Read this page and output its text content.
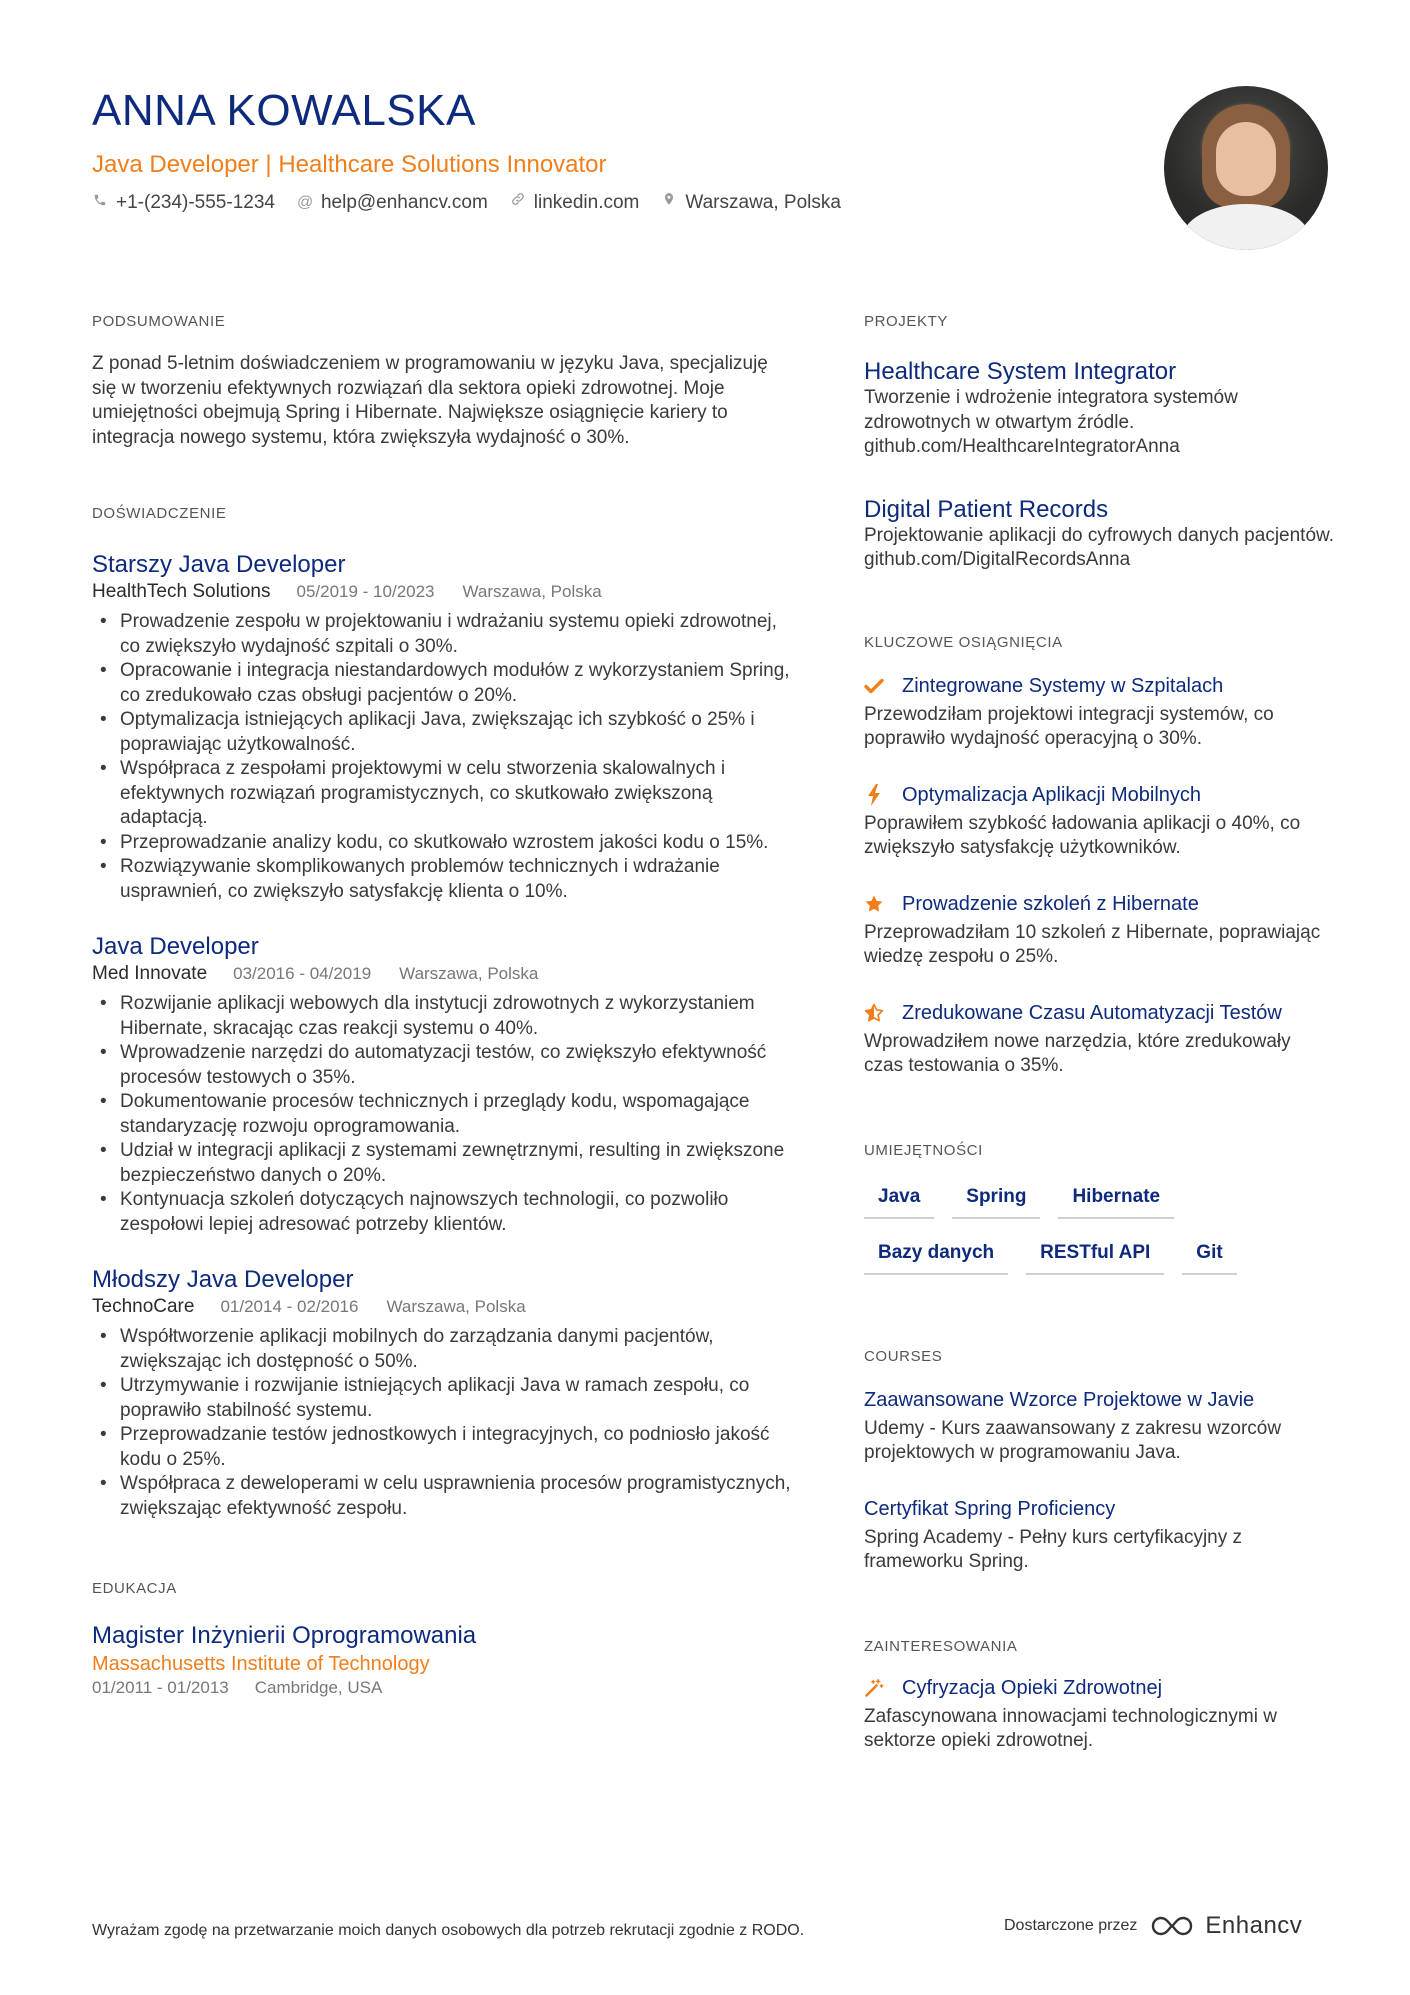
ANNA KOWALSKA
Java Developer | Healthcare Solutions Innovator
+1-(234)-555-1234 @ help@enhancv.com linkedin.com Warszawa, Polska
PODSUMOWANIE
Z ponad 5-letnim doświadczeniem w programowaniu w języku Java, specjalizuję się w tworzeniu efektywnych rozwiązań dla sektora opieki zdrowotnej. Moje umiejętności obejmują Spring i Hibernate. Największe osiągnięcie kariery to integracja nowego systemu, która zwiększyła wydajność o 30%.
DOŚWIADCZENIE
Starszy Java Developer
HealthTech Solutions 05/2019 - 10/2023 Warszawa, Polska
• Prowadzenie zespołu w projektowaniu i wdrażaniu systemu opieki zdrowotnej, co zwiększyło wydajność szpitali o 30%.
• Opracowanie i integracja niestandardowych modułów z wykorzystaniem Spring, co zredukowało czas obsługi pacjentów o 20%.
• Optymalizacja istniejących aplikacji Java, zwiększając ich szybkość o 25% i poprawiając użytkowalność.
• Współpraca z zespołami projektowymi w celu stworzenia skalowalnych i efektywnych rozwiązań programistycznych, co skutkowało zwiększoną adaptacją.
• Przeprowadzanie analizy kodu, co skutkowało wzrostem jakości kodu o 15%.
• Rozwiązywanie skomplikowanych problemów technicznych i wdrażanie usprawnień, co zwiększyło satysfakcję klienta o 10%.
Java Developer
Med Innovate 03/2016 - 04/2019 Warszawa, Polska
• Rozwijanie aplikacji webowych dla instytucji zdrowotnych z wykorzystaniem Hibernate, skracając czas reakcji systemu o 40%.
• Wprowadzenie narzędzi do automatyzacji testów, co zwiększyło efektywność procesów testowych o 35%.
• Dokumentowanie procesów technicznych i przeglądy kodu, wspomagające standaryzację rozwoju oprogramowania.
• Udział w integracji aplikacji z systemami zewnętrznymi, resulting in zwiększone bezpieczeństwo danych o 20%.
• Kontynuacja szkoleń dotyczących najnowszych technologii, co pozwoliło zespołowi lepiej adresować potrzeby klientów.
Młodszy Java Developer
TechnoCare 01/2014 - 02/2016 Warszawa, Polska
• Współtworzenie aplikacji mobilnych do zarządzania danymi pacjentów, zwiększając ich dostępność o 50%.
• Utrzymywanie i rozwijanie istniejących aplikacji Java w ramach zespołu, co poprawiło stabilność systemu.
• Przeprowadzanie testów jednostkowych i integracyjnych, co podniosło jakość kodu o 25%.
• Współpraca z deweloperami w celu usprawnienia procesów programistycznych, zwiększając efektywność zespołu.
EDUKACJA
Magister Inżynierii Oprogramowania
Massachusetts Institute of Technology
01/2011 - 01/2013 Cambridge, USA
PROJEKTY
Healthcare System Integrator
Tworzenie i wdrożenie integratora systemów zdrowotnych w otwartym źródle. github.com/HealthcareIntegratorAnna
Digital Patient Records
Projektowanie aplikacji do cyfrowych danych pacjentów. github.com/DigitalRecordsAnna
KLUCZOWE OSIĄGNIĘCIA
Zintegrowane Systemy w Szpitalach
Przewodziłam projektowi integracji systemów, co poprawiło wydajność operacyjną o 30%.
Optymalizacja Aplikacji Mobilnych
Poprawiłem szybkość ładowania aplikacji o 40%, co zwiększyło satysfakcję użytkowników.
Prowadzenie szkoleń z Hibernate
Przeprowadziłam 10 szkoleń z Hibernate, poprawiając wiedzę zespołu o 25%.
Zredukowane Czasu Automatyzacji Testów
Wprowadziłem nowe narzędzia, które zredukowały czas testowania o 35%.
UMIEJĘTNOŚCI
Java	Spring	Hibernate
Bazy danych	RESTful API	Git
COURSES
Zaawansowane Wzorce Projektowe w Javie
Udemy - Kurs zaawansowany z zakresu wzorców projektowych w programowaniu Java.
Certyfikat Spring Proficiency
Spring Academy - Pełny kurs certyfikacyjny z frameworku Spring.
ZAINTERESOWANIA
Cyfryzacja Opieki Zdrowotnej
Zafascynowana innowacjami technologicznymi w sektorze opieki zdrowotnej.
Wyrażam zgodę na przetwarzanie moich danych osobowych dla potrzeb rekrutacji zgodnie z RODO.	Dostarczone przez	Enhancv
